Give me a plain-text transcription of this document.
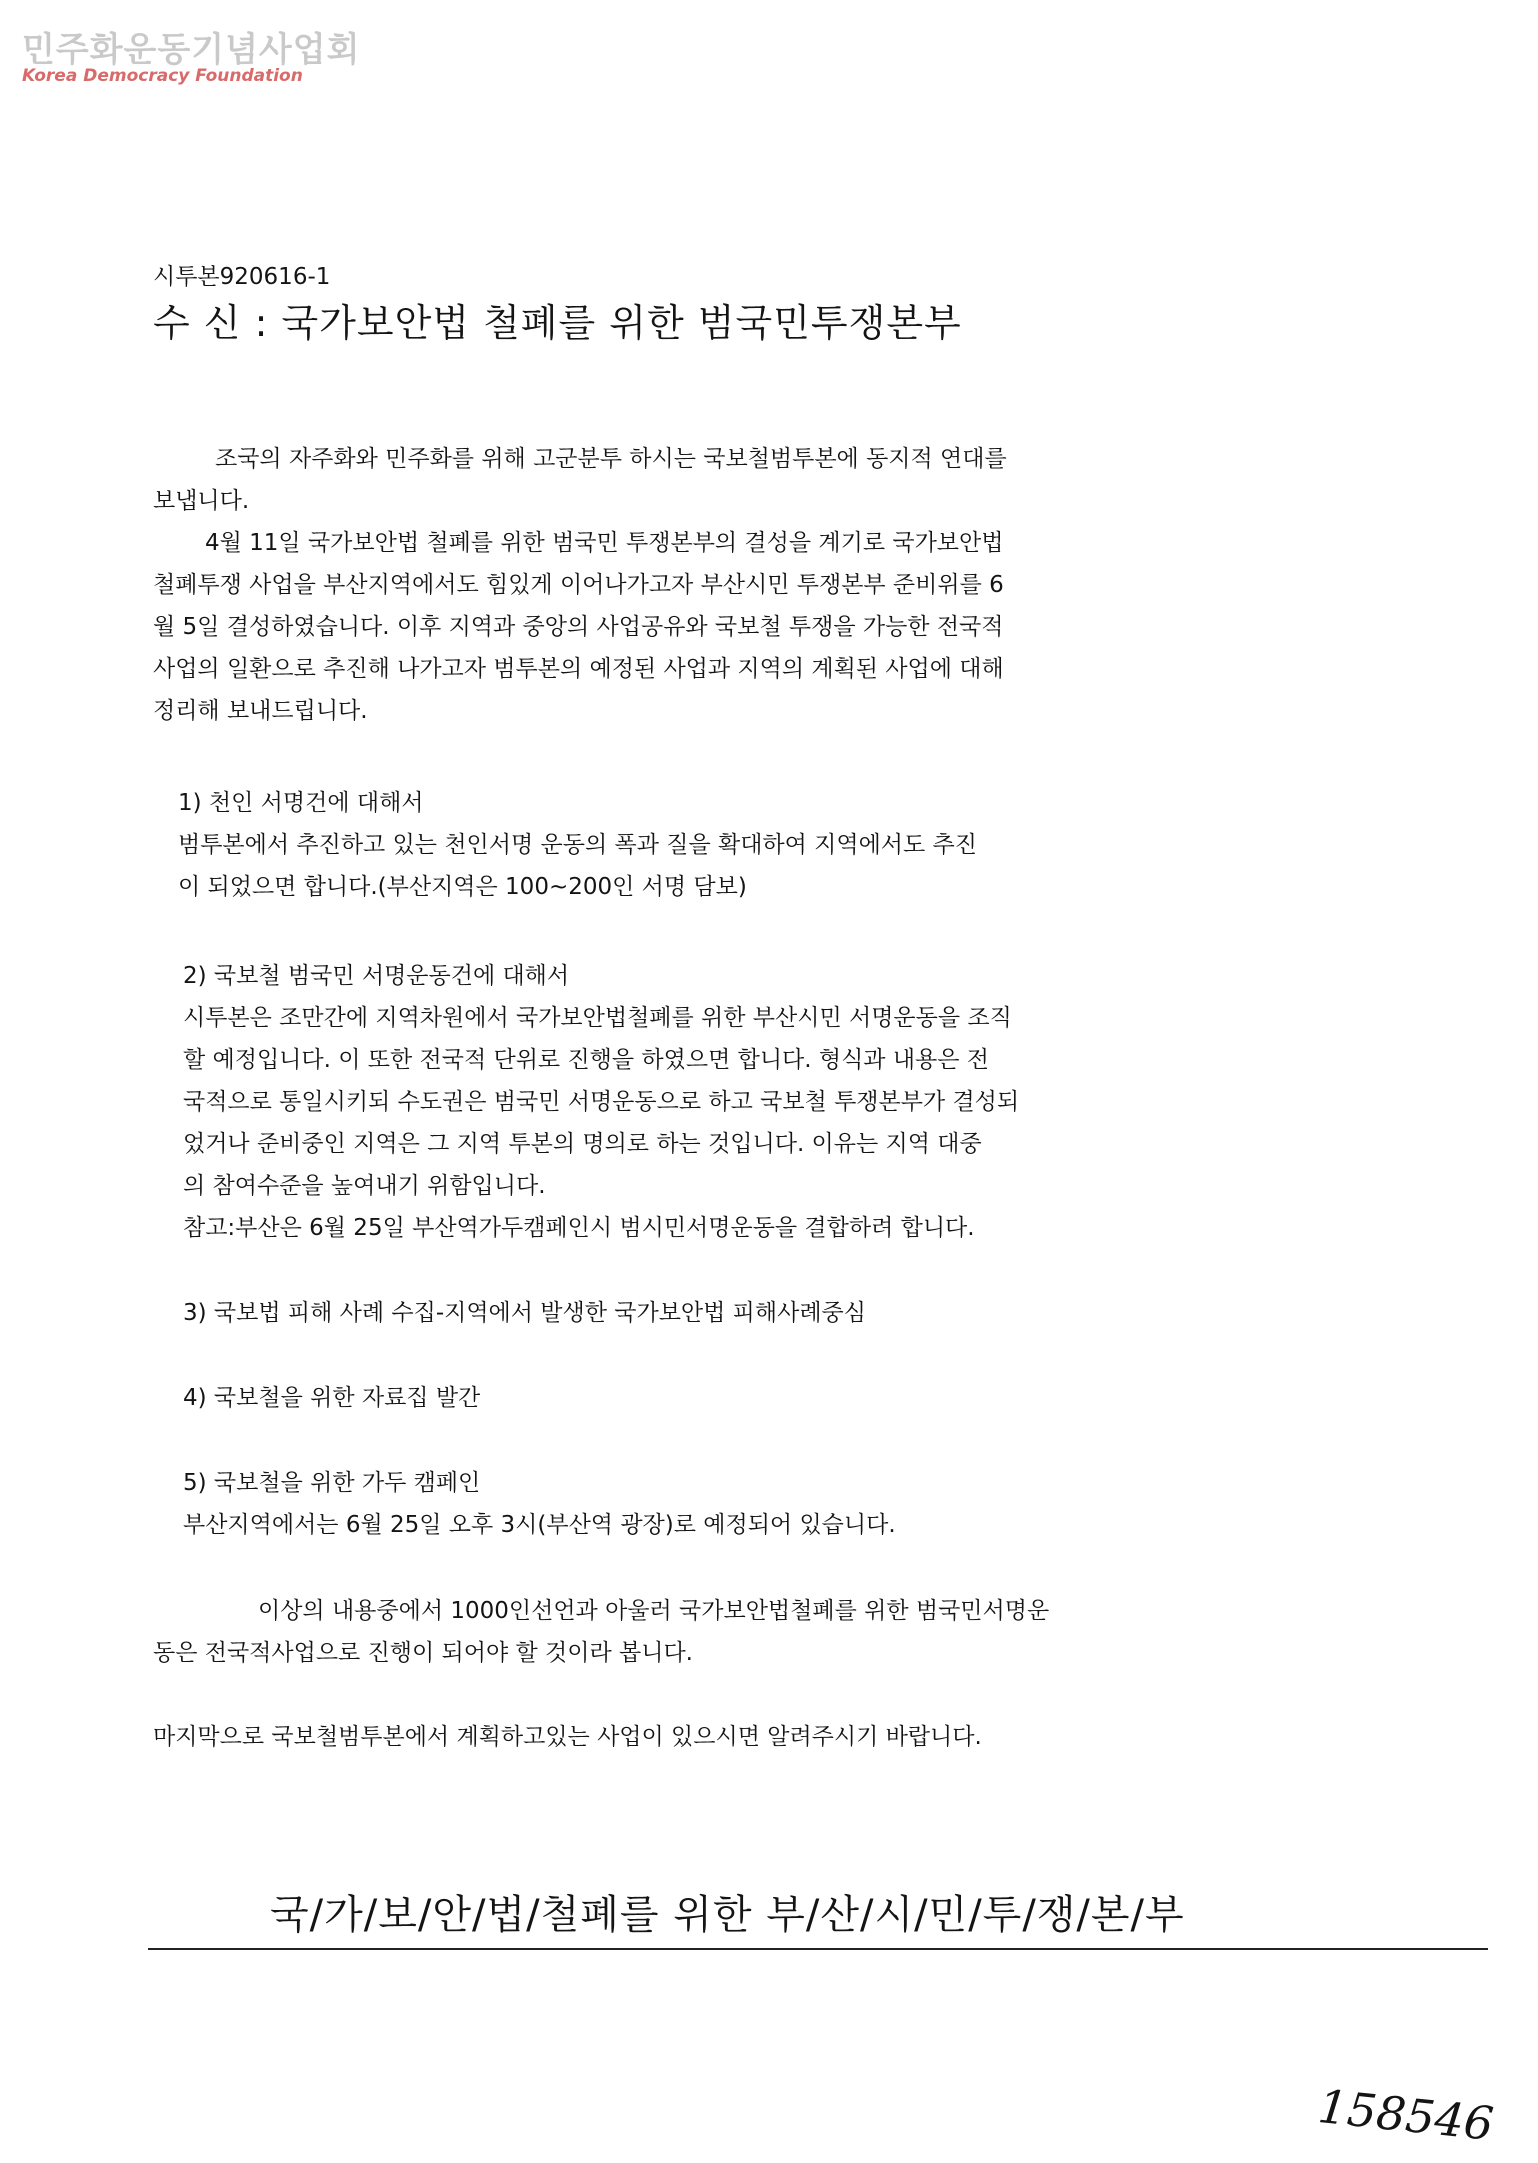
민주화운동기념사업회
Korea Democracy Foundation
시투본920616-1
수 신 : 국가보안법 철폐를 위한 범국민투쟁본부
조국의 자주화와 민주화를 위해 고군분투 하시는 국보철범투본에 동지적 연대를
보냅니다.
4월 11일 국가보안법 철폐를 위한 범국민 투쟁본부의 결성을 계기로 국가보안법
철폐투쟁 사업을 부산지역에서도 힘있게 이어나가고자 부산시민 투쟁본부 준비위를 6
월 5일 결성하였습니다. 이후 지역과 중앙의 사업공유와 국보철 투쟁을 가능한 전국적
사업의 일환으로 추진해 나가고자 범투본의 예정된 사업과 지역의 계획된 사업에 대해
정리해 보내드립니다.
1) 천인 서명건에 대해서
범투본에서 추진하고 있는 천인서명 운동의 폭과 질을 확대하여 지역에서도 추진
이 되었으면 합니다.(부산지역은 100~200인 서명 담보)
2) 국보철 범국민 서명운동건에 대해서
시투본은 조만간에 지역차원에서 국가보안법철폐를 위한 부산시민 서명운동을 조직
할 예정입니다. 이 또한 전국적 단위로 진행을 하였으면 합니다. 형식과 내용은 전
국적으로 통일시키되 수도권은 범국민 서명운동으로 하고 국보철 투쟁본부가 결성되
었거나 준비중인 지역은 그 지역 투본의 명의로 하는 것입니다. 이유는 지역 대중
의 참여수준을 높여내기 위함입니다.
참고:부산은 6월 25일 부산역가두캠페인시 범시민서명운동을 결합하려 합니다.
3) 국보법 피해 사례 수집-지역에서 발생한 국가보안법 피해사례중심
4) 국보철을 위한 자료집 발간
5) 국보철을 위한 가두 캠페인
부산지역에서는 6월 25일 오후 3시(부산역 광장)로 예정되어 있습니다.
이상의 내용중에서 1000인선언과 아울러 국가보안법철폐를 위한 범국민서명운
동은 전국적사업으로 진행이 되어야 할 것이라 봅니다.
마지막으로 국보철범투본에서 계획하고있는 사업이 있으시면 알려주시기 바랍니다.
국/가/보/안/법/철폐를 위한 부/산/시/민/투/쟁/본/부
158546
